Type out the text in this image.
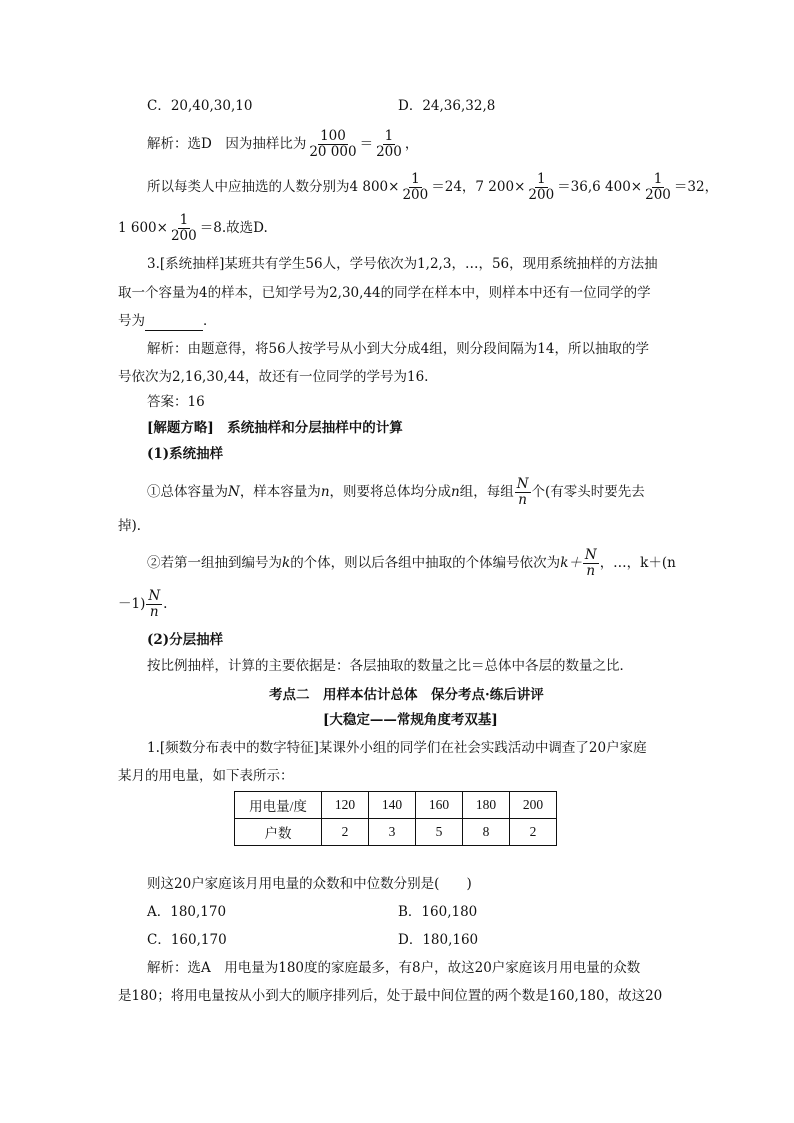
C．20,40,30,10	D．24,36,32,8
解析：选D　因为抽样比为 $\frac{100}{20 000} = \frac{1}{200}$ ，
所以每类人中应抽选的人数分别为4 $800\times \frac{1}{200} =24$，7 $200\times \frac{1}{200} =36,6$ $400\times \frac{1}{200} =32$，
1 $600\times \frac{1}{200} =8$.故选D.
3.[系统抽样]某班共有学生56人，学号依次为1,2,3，…，56，现用系统抽样的方法抽
取一个容量为4的样本，已知学号为2,30,44的同学在样本中，则样本中还有一位同学的学
号为	．
解析：由题意得，将56人按学号从小到大分成4组，则分段间隔为14，所以抽取的学
号依次为2,16,30,44，故还有一位同学的学号为16.
答案：16
[解题方略]　系统抽样和分层抽样中的计算
(1)系统抽样
①总体容量为N，样本容量为n，则要将总体均分成n组，每组 $\frac{N}{n}$ 个(有零头时要先去
掉)．
②若第一组抽到编号为k的个体，则以后各组中抽取的个体编号依次为$k+ \frac{N}{n}$ ，…，k＋(n
$-1) \frac{N}{n}$ .
(2)分层抽样
按比例抽样，计算的主要依据是：各层抽取的数量之比＝总体中各层的数量之比．
考点二　用样本估计总体　保分考点·练后讲评
[大稳定——常规角度考双基]
1.[频数分布表中的数字特征]某课外小组的同学们在社会实践活动中调查了20户家庭
某月的用电量，如下表所示：
用电量/度	120	140	160	180	200
户数	2	3	5	8	2
则这20户家庭该月用电量的众数和中位数分别是(　　)
A．180,170	B．160,180
C．160,170	D．180,160
解析：选A　用电量为180度的家庭最多，有8户，故这20户家庭该月用电量的众数
是180；将用电量按从小到大的顺序排列后，处于最中间位置的两个数是160,180，故这20
